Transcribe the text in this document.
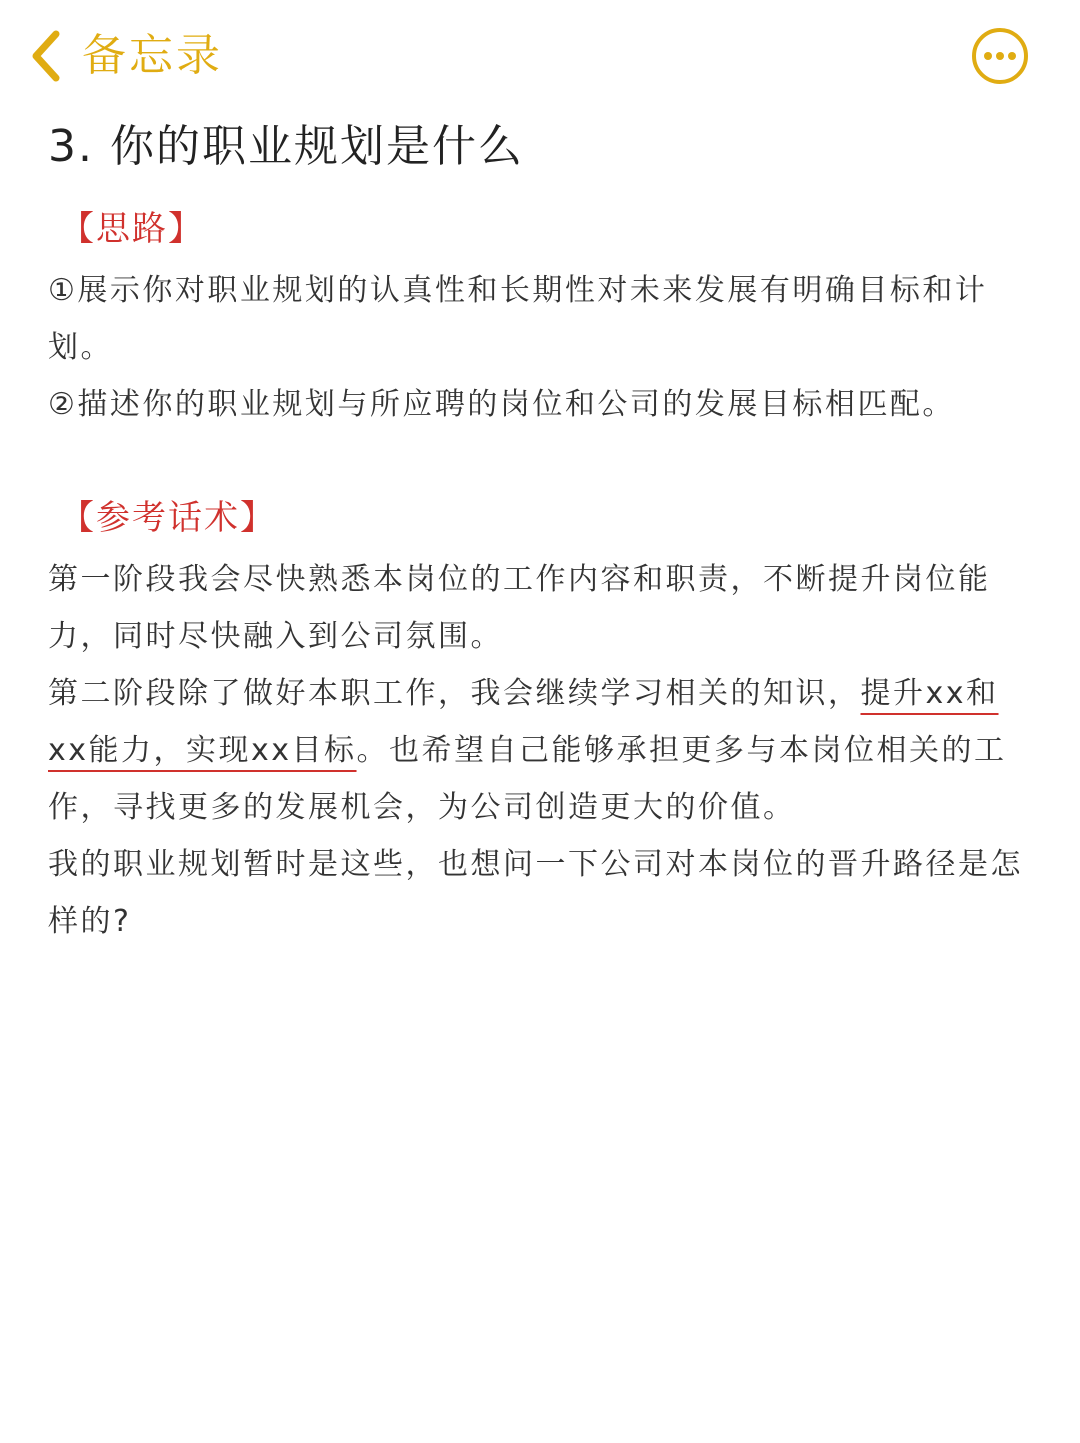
备忘录
3. 你的职业规划是什么
【思路】

①展示你对职业规划的认真性和长期性对未来发展有明确目标和计划。

②描述你的职业规划与所应聘的岗位和公司的发展目标相匹配。

【参考话术】

第一阶段我会尽快熟悉本岗位的工作内容和职责，不断提升岗位能力，同时尽快融入到公司氛围。

第二阶段除了做好本职工作，我会继续学习相关的知识，提升xx和xx能力，实现xx目标。也希望自己能够承担更多与本岗位相关的工作，寻找更多的发展机会，为公司创造更大的价值。

我的职业规划暂时是这些，也想问一下公司对本岗位的晋升路径是怎样的?
